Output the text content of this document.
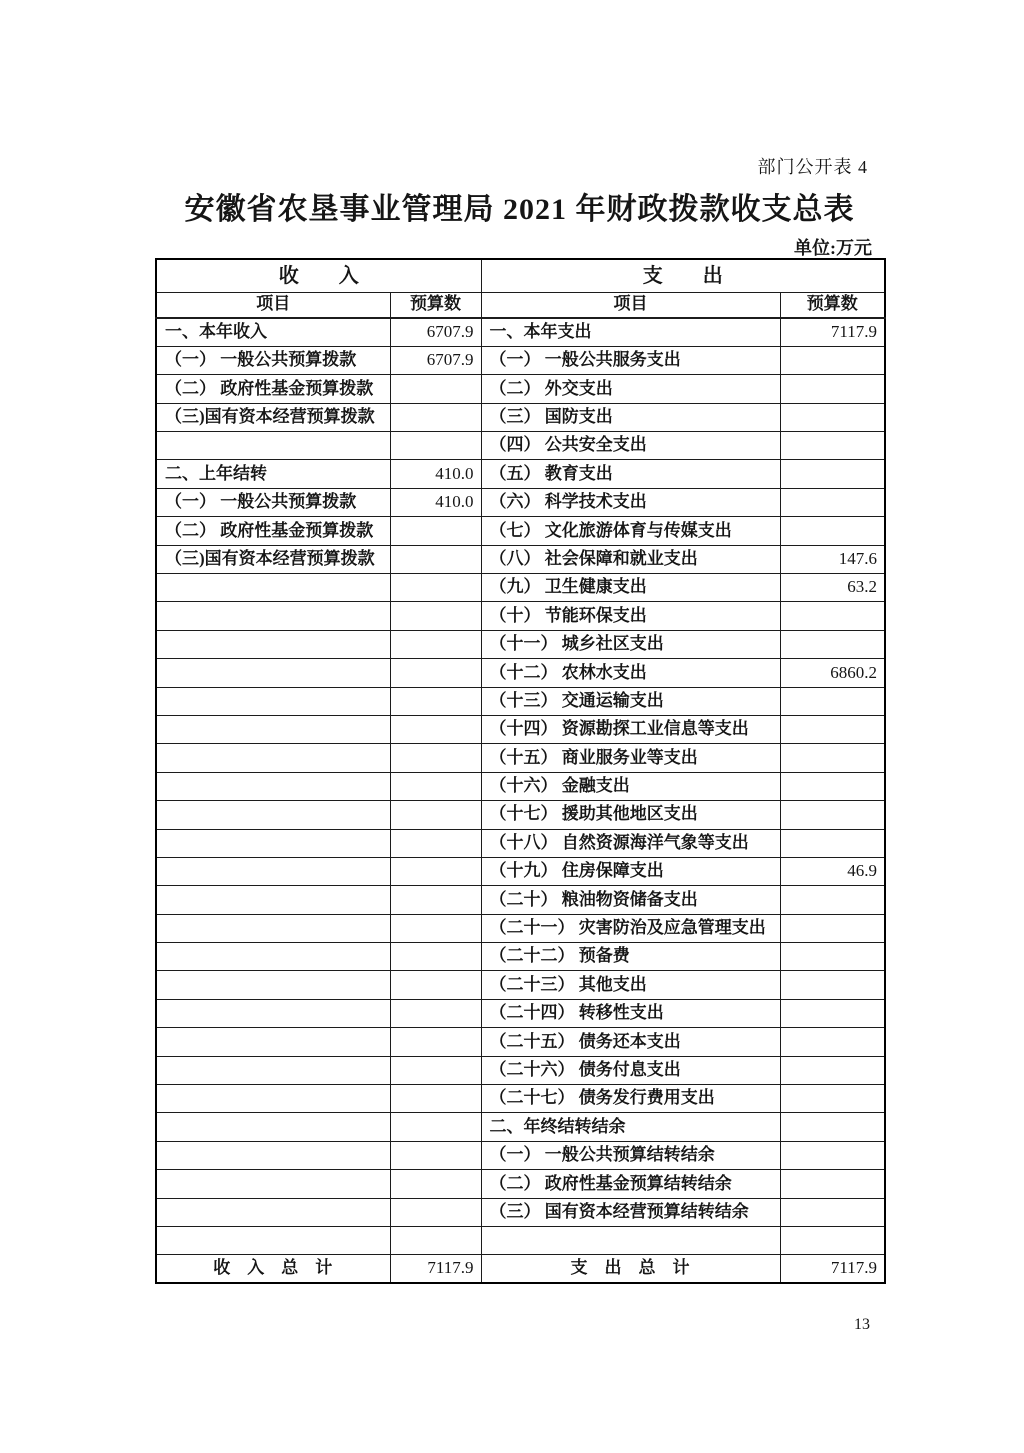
部门公开表 4
安徽省农垦事业管理局 2021 年财政拨款收支总表
单位:万元
收　　入		支　　出	
项目	预算数	项目	预算数
一、本年收入	6707.9	一、本年支出	7117.9
（一） 一般公共预算拨款	6707.9	（一） 一般公共服务支出	
（二） 政府性基金预算拨款		（二） 外交支出	
（三)国有资本经营预算拨款		（三） 国防支出	
		（四） 公共安全支出	
二、上年结转	410.0	（五） 教育支出	
（一） 一般公共预算拨款	410.0	（六） 科学技术支出	
（二） 政府性基金预算拨款		（七） 文化旅游体育与传媒支出	
（三)国有资本经营预算拨款		（八） 社会保障和就业支出	147.6
		（九） 卫生健康支出	63.2
		（十） 节能环保支出	
		（十一） 城乡社区支出	
		（十二） 农林水支出	6860.2
		（十三） 交通运输支出	
		（十四） 资源勘探工业信息等支出	
		（十五） 商业服务业等支出	
		（十六） 金融支出	
		（十七） 援助其他地区支出	
		（十八） 自然资源海洋气象等支出	
		（十九） 住房保障支出	46.9
		（二十） 粮油物资储备支出	
		（二十一） 灾害防治及应急管理支出	
		（二十二） 预备费	
		（二十三） 其他支出	
		（二十四） 转移性支出	
		（二十五） 债务还本支出	
		（二十六） 债务付息支出	
		（二十七） 债务发行费用支出	
		二、年终结转结余	
		（一） 一般公共预算结转结余	
		（二） 政府性基金预算结转结余	
		（三） 国有资本经营预算结转结余	

收　入　总　计	7117.9	支　出　总　计	7117.9
13
